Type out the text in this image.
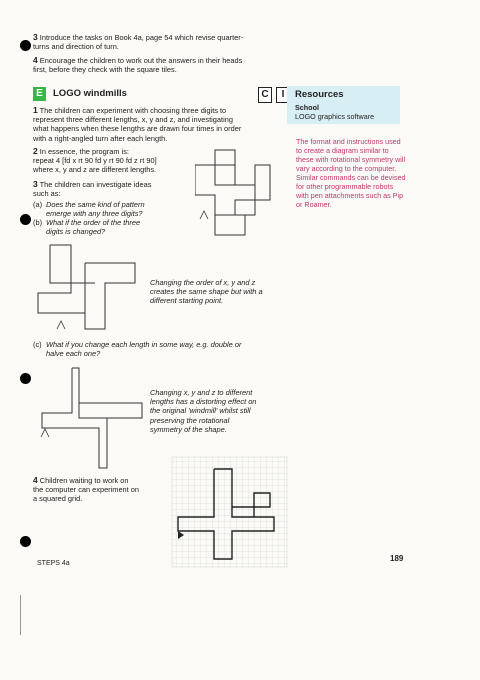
3 Introduce the tasks on Book 4a, page 54 which revise quarter-
turns and direction of turn.
4 Encourage the children to work out the answers in their heads
first, before they check with the square tiles.
E	LOGO windmills	C	I	Resources
School
LOGO graphics software
The format and instructions used to create a diagram similar to these with rotational symmetry will vary according to the computer. Similar commands can be devised for other programmable robots with pen attachments such as Pip or Roamer.
1 The children can experiment with choosing three digits to
represent three different lengths, x, y and z, and investigating
what happens when these lengths are drawn four times in order
with a right-angled turn after each length.
2 In essence, the program is:
repeat 4 [fd x rt 90 fd y rt 90 fd z rt 90]
where x, y and z are different lengths.
3 The children can investigate ideas
such as:
(a) Does the same kind of pattern
emerge with any three digits?
(b) What if the order of the three
digits is changed?
Changing the order of x, y and z
creates the same shape but with a
different starting point.
(c) What if you change each length in some way, e.g. double or
halve each one?
Changing x, y and z to different
lengths has a distorting effect on
the original 'windmill' whilst still
preserving the rotational
symmetry of the shape.
4 Children waiting to work on
the computer can experiment on
a squared grid.
STEPS 4a
189
